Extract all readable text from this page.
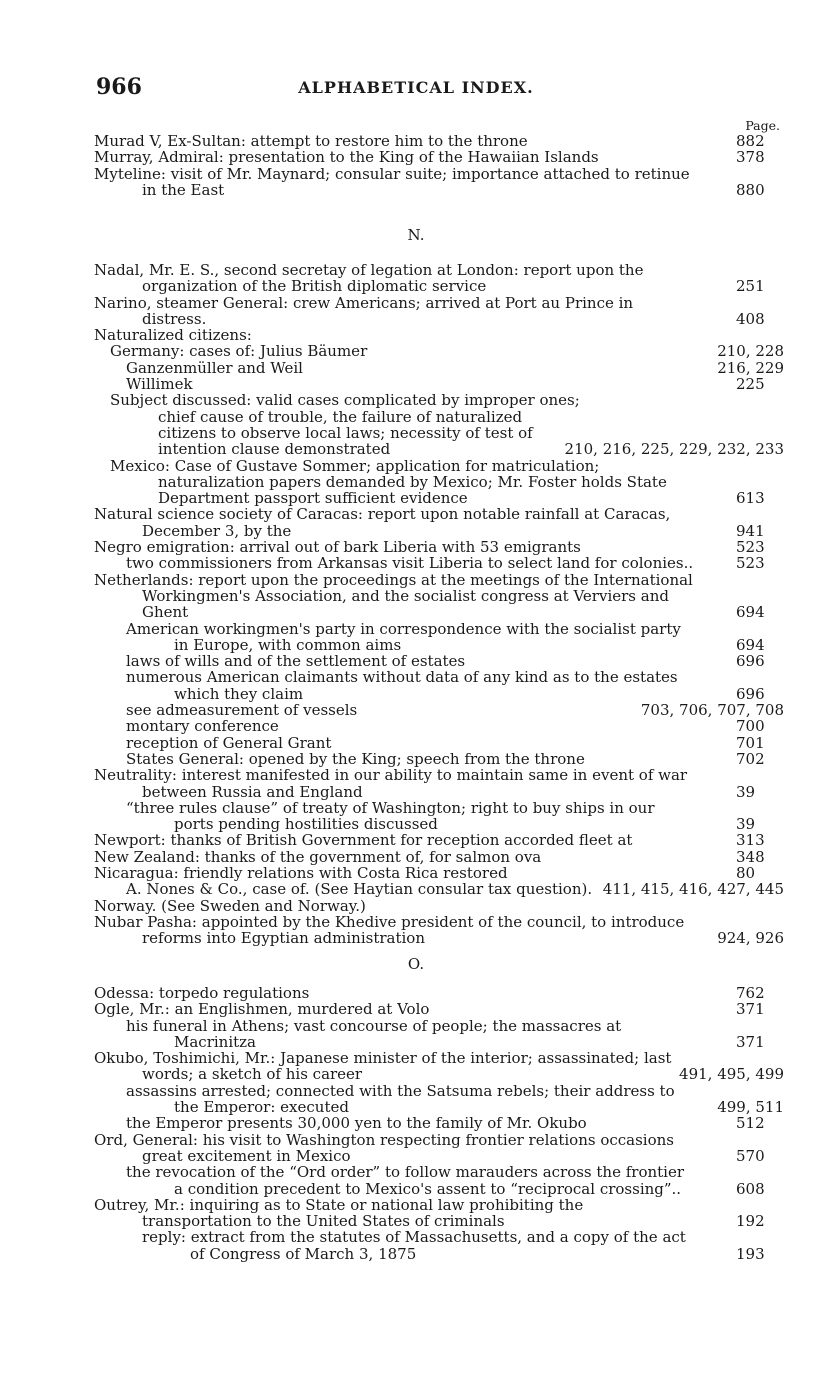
966	ALPHABETICAL INDEX.
Page.
Murad V, Ex-Sultan: attempt to restore him to the throne	882
Murray, Admiral: presentation to the King of the Hawaiian Islands	378
Myteline: visit of Mr. Maynard; consular suite; importance attached to retinue in the East	880
N.
Nadal, Mr. E. S., second secretay of legation at London: report upon the organization of the British diplomatic service	251
Narino, steamer General: crew Americans; arrived at Port au Prince in distress.	408
Naturalized citizens:
Germany: cases of: Julius Bäumer	210, 228
Ganzenmüller and Weil	216, 229
Willimek	225
Subject discussed: valid cases complicated by improper ones; chief cause of trouble, the failure of naturalized citizens to observe local laws; necessity of test of intention clause demonstrated	210, 216, 225, 229, 232, 233
Mexico: Case of Gustave Sommer; application for matriculation; naturalization papers demanded by Mexico; Mr. Foster holds State Department passport sufficient evidence	613
Natural science society of Caracas: report upon notable rainfall at Caracas, December 3, by the	941
Negro emigration: arrival out of bark Liberia with 53 emigrants	523
two commissioners from Arkansas visit Liberia to select land for colonies..	523
Netherlands: report upon the proceedings at the meetings of the International Workingmen's Association, and the socialist congress at Verviers and Ghent	694
American workingmen's party in correspondence with the socialist party in Europe, with common aims	694
laws of wills and of the settlement of estates	696
numerous American claimants without data of any kind as to the estates which they claim	696
see admeasurement of vessels	703, 706, 707, 708
montary conference	700
reception of General Grant	701
States General: opened by the King; speech from the throne	702
Neutrality: interest manifested in our ability to maintain same in event of war between Russia and England	39
“three rules clause” of treaty of Washington; right to buy ships in our ports pending hostilities discussed	39
Newport: thanks of British Government for reception accorded fleet at	313
New Zealand: thanks of the government of, for salmon ova	348
Nicaragua: friendly relations with Costa Rica restored	80
A. Nones & Co., case of. (See Haytian consular tax question). 411, 415, 416, 427, 445
Norway. (See Sweden and Norway.)
Nubar Pasha: appointed by the Khedive president of the council, to introduce reforms into Egyptian administration	924, 926
O.
Odessa: torpedo regulations	762
Ogle, Mr.: an Englishmen, murdered at Volo	371
his funeral in Athens; vast concourse of people; the massacres at Macrinitza	371
Okubo, Toshimichi, Mr.: Japanese minister of the interior; assassinated; last words; a sketch of his career	491, 495, 499
assassins arrested; connected with the Satsuma rebels; their address to the Emperor: executed	499, 511
the Emperor presents 30,000 yen to the family of Mr. Okubo	512
Ord, General: his visit to Washington respecting frontier relations occasions great excitement in Mexico	570
the revocation of the “Ord order” to follow marauders across the frontier a condition precedent to Mexico's assent to “reciprocal crossing”..	608
Outrey, Mr.: inquiring as to State or national law prohibiting the transportation to the United States of criminals	192
reply: extract from the statutes of Massachusetts, and a copy of the act of Congress of March 3, 1875	193
